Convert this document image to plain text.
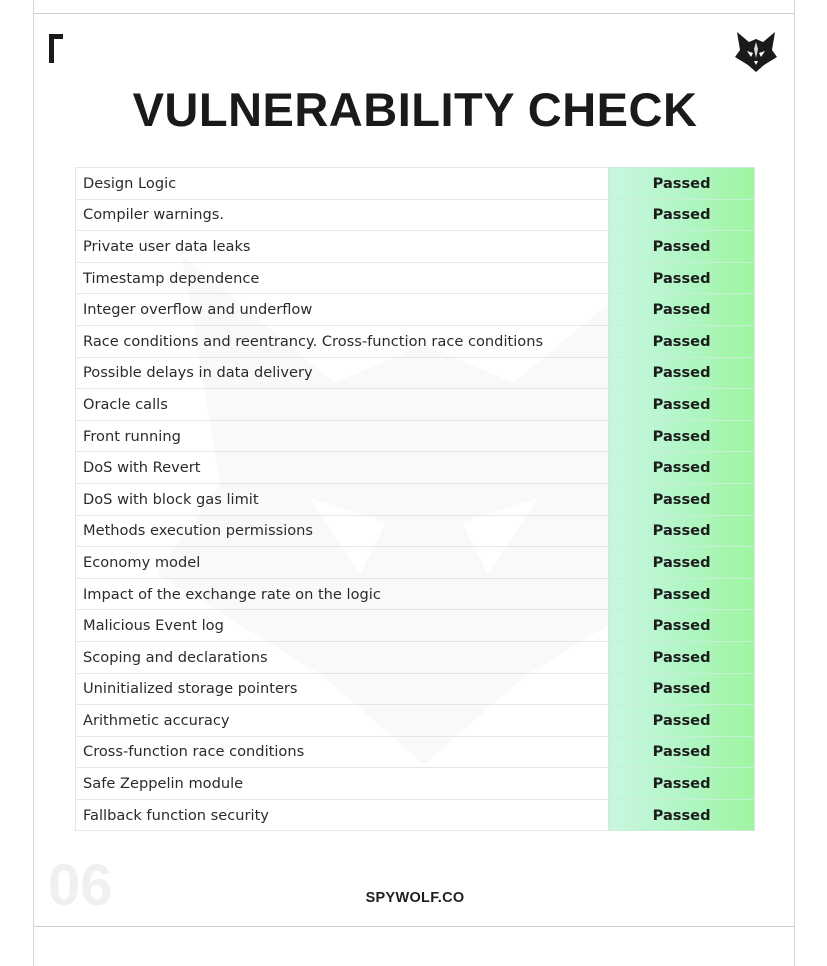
VULNERABILITY CHECK
Design Logic	Passed
Compiler warnings.	Passed
Private user data leaks	Passed
Timestamp dependence	Passed
Integer overflow and underflow	Passed
Race conditions and reentrancy. Cross-function race conditions	Passed
Possible delays in data delivery	Passed
Oracle calls	Passed
Front running	Passed
DoS with Revert	Passed
DoS with block gas limit	Passed
Methods execution permissions	Passed
Economy model	Passed
Impact of the exchange rate on the logic	Passed
Malicious Event log	Passed
Scoping and declarations	Passed
Uninitialized storage pointers	Passed
Arithmetic accuracy	Passed
Cross-function race conditions	Passed
Safe Zeppelin module	Passed
Fallback function security	Passed
06	SPYWOLF.CO
